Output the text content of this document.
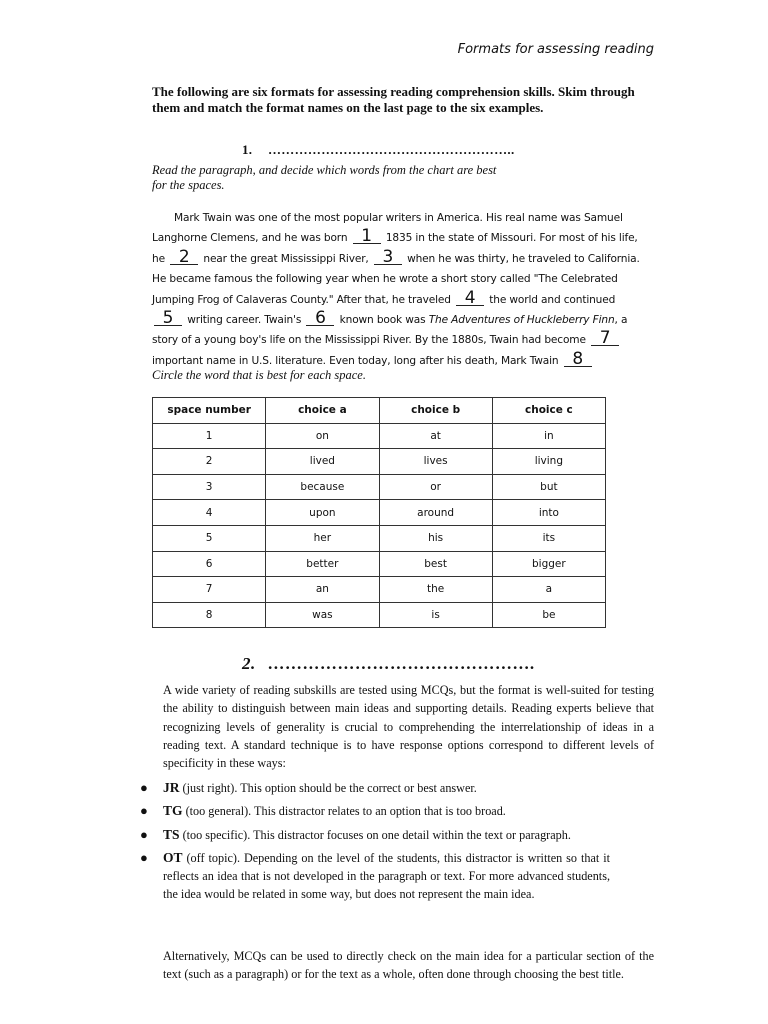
Formats for assessing reading
The following are six formats for assessing reading comprehension skills. Skim through them and match the format names on the last page to the six examples.
1. ………………………………………………..
Read the paragraph, and decide which words from the chart are best for the spaces.
Mark Twain was one of the most popular writers in America. His real name was Samuel Langhorne Clemens, and he was born 1 1835 in the state of Missouri. For most of his life, he 2 near the great Mississippi River, 3 when he was thirty, he traveled to California. He became famous the following year when he wrote a short story called "The Celebrated Jumping Frog of Calaveras County." After that, he traveled 4 the world and continued 5 writing career. Twain's 6 known book was The Adventures of Huckleberry Finn, a story of a young boy's life on the Mississippi River. By the 1880s, Twain had become 7 important name in U.S. literature. Even today, long after his death, Mark Twain 8
Circle the word that is best for each space.
space number	choice a	choice b	choice c
1	on	at	in
2	lived	lives	living
3	because	or	but
4	upon	around	into
5	her	his	its
6	better	best	bigger
7	an	the	a
8	was	is	be
2. ……………………………………….
A wide variety of reading subskills are tested using MCQs, but the format is well-suited for testing the ability to distinguish between main ideas and supporting details. Reading experts believe that recognizing levels of generality is crucial to comprehending the interrelationship of ideas in a reading text. A standard technique is to have response options correspond to different levels of specificity in these ways:
● JR (just right). This option should be the correct or best answer.
● TG (too general). This distractor relates to an option that is too broad.
● TS (too specific). This distractor focuses on one detail within the text or paragraph.
● OT (off topic). Depending on the level of the students, this distractor is written so that it reflects an idea that is not developed in the paragraph or text. For more advanced students, the idea would be related in some way, but does not represent the main idea.
Alternatively, MCQs can be used to directly check on the main idea for a particular section of the text (such as a paragraph) or for the text as a whole, often done through choosing the best title.
